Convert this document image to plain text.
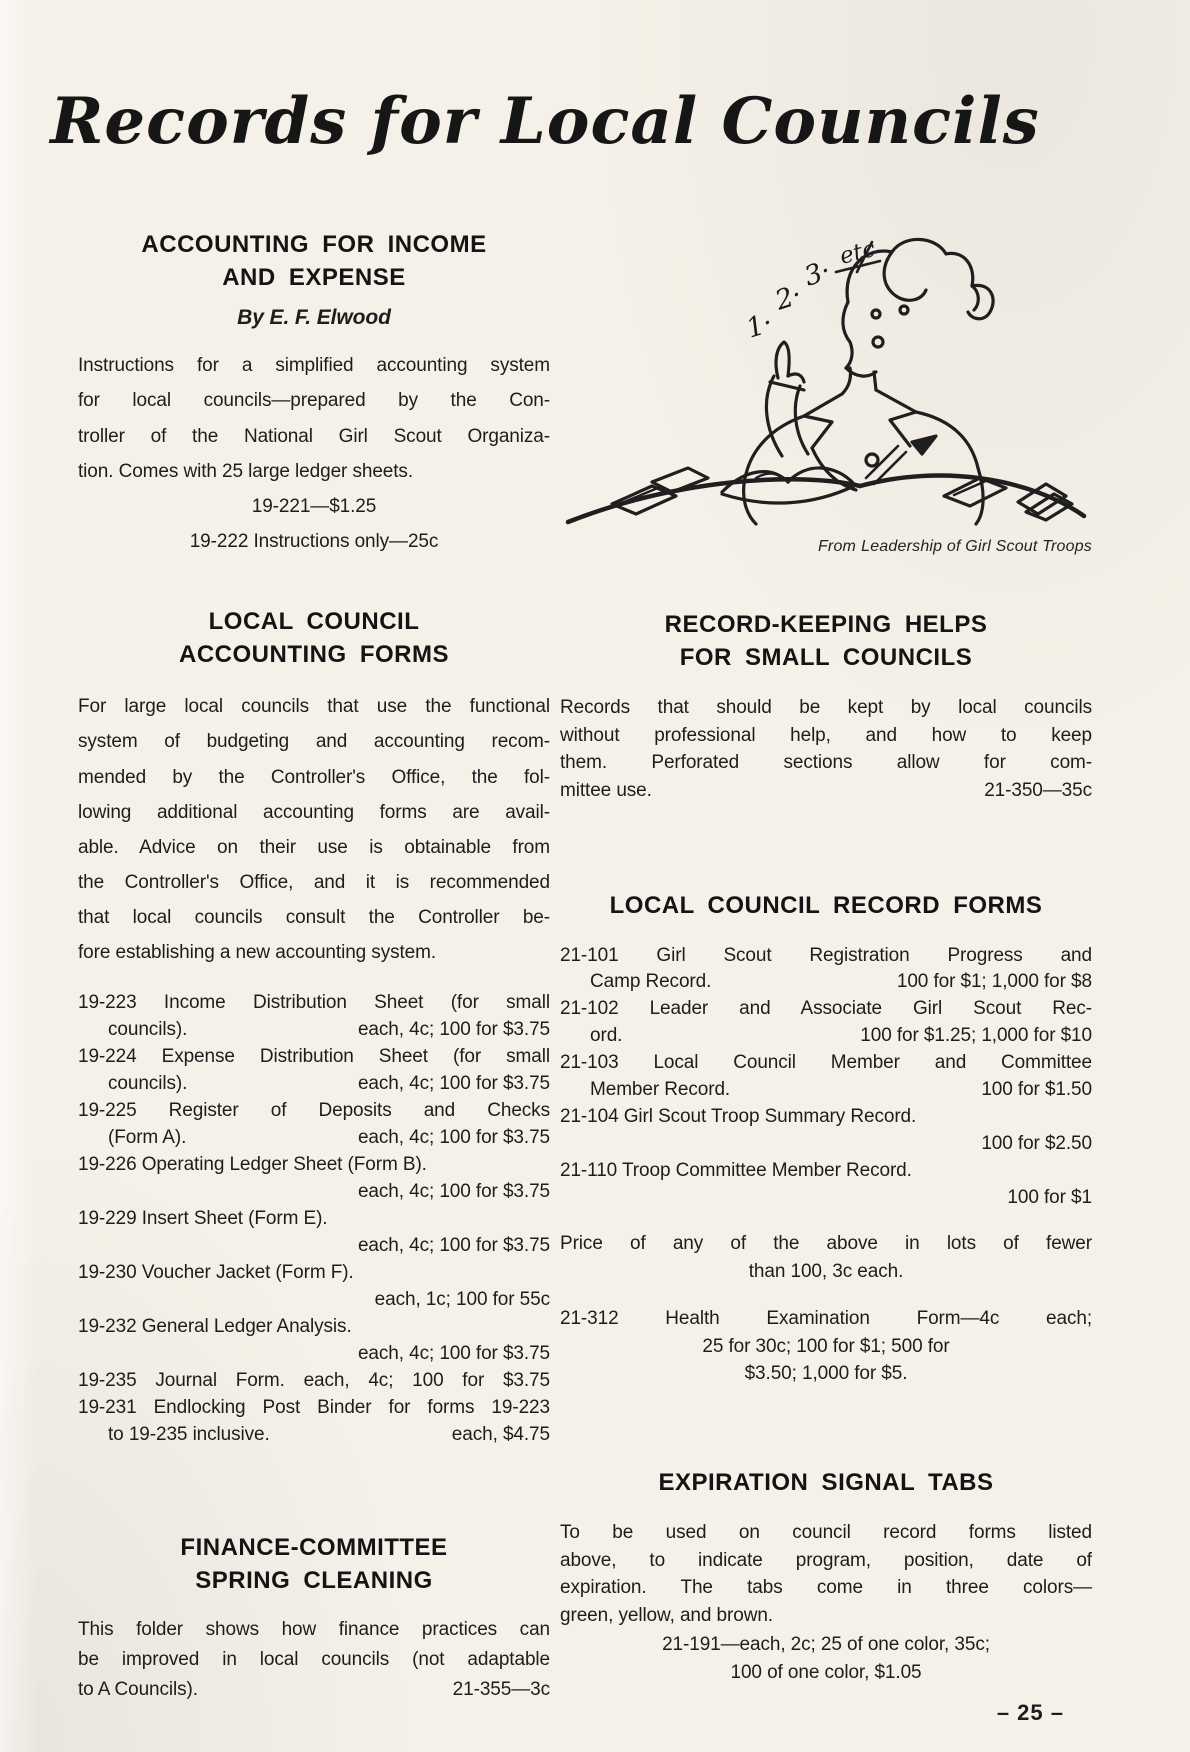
Records for Local Councils
ACCOUNTING FOR INCOME
AND EXPENSE
By E. F. Elwood
Instructions for a simplified accounting system
for local councils—prepared by the Con-
troller of the National Girl Scout Organiza-
tion. Comes with 25 large ledger sheets.
19-221—$1.25
19-222 Instructions only—25c
LOCAL COUNCIL
ACCOUNTING FORMS
For large local councils that use the functional
system of budgeting and accounting recom-
mended by the Controller's Office, the fol-
lowing additional accounting forms are avail-
able. Advice on their use is obtainable from
the Controller's Office, and it is recommended
that local councils consult the Controller be-
fore establishing a new accounting system.
19-223 Income Distribution Sheet (for small
councils).	each, 4c; 100 for $3.75
19-224 Expense Distribution Sheet (for small
councils).	each, 4c; 100 for $3.75
19-225 Register of Deposits and Checks
(Form A).	each, 4c; 100 for $3.75
19-226 Operating Ledger Sheet (Form B).
each, 4c; 100 for $3.75
19-229 Insert Sheet (Form E).
each, 4c; 100 for $3.75
19-230 Voucher Jacket (Form F).
each, 1c; 100 for 55c
19-232 General Ledger Analysis.
each, 4c; 100 for $3.75
19-235 Journal Form. each, 4c; 100 for $3.75
19-231 Endlocking Post Binder for forms 19-223
to 19-235 inclusive.	each, $4.75
FINANCE-COMMITTEE
SPRING CLEANING
This folder shows how finance practices can
be improved in local councils (not adaptable
to A Councils).	21-355—3c
1·
2·
3·
etc
From Leadership of Girl Scout Troops
RECORD-KEEPING HELPS
FOR SMALL COUNCILS
Records that should be kept by local councils
without professional help, and how to keep
them. Perforated sections allow for com-
mittee use.	21-350—35c
LOCAL COUNCIL RECORD FORMS
21-101 Girl Scout Registration Progress and
Camp Record.	100 for $1; 1,000 for $8
21-102 Leader and Associate Girl Scout Rec-
ord.	100 for $1.25; 1,000 for $10
21-103 Local Council Member and Committee
Member Record.	100 for $1.50
21-104 Girl Scout Troop Summary Record.
100 for $2.50
21-110 Troop Committee Member Record.
100 for $1
Price of any of the above in lots of fewer
than 100, 3c each.
21-312 Health Examination Form—4c each;
25 for 30c; 100 for $1; 500 for
$3.50; 1,000 for $5.
EXPIRATION SIGNAL TABS
To be used on council record forms listed
above, to indicate program, position, date of
expiration. The tabs come in three colors—
green, yellow, and brown.
21-191—each, 2c; 25 of one color, 35c;
100 of one color, $1.05
– 25 –
